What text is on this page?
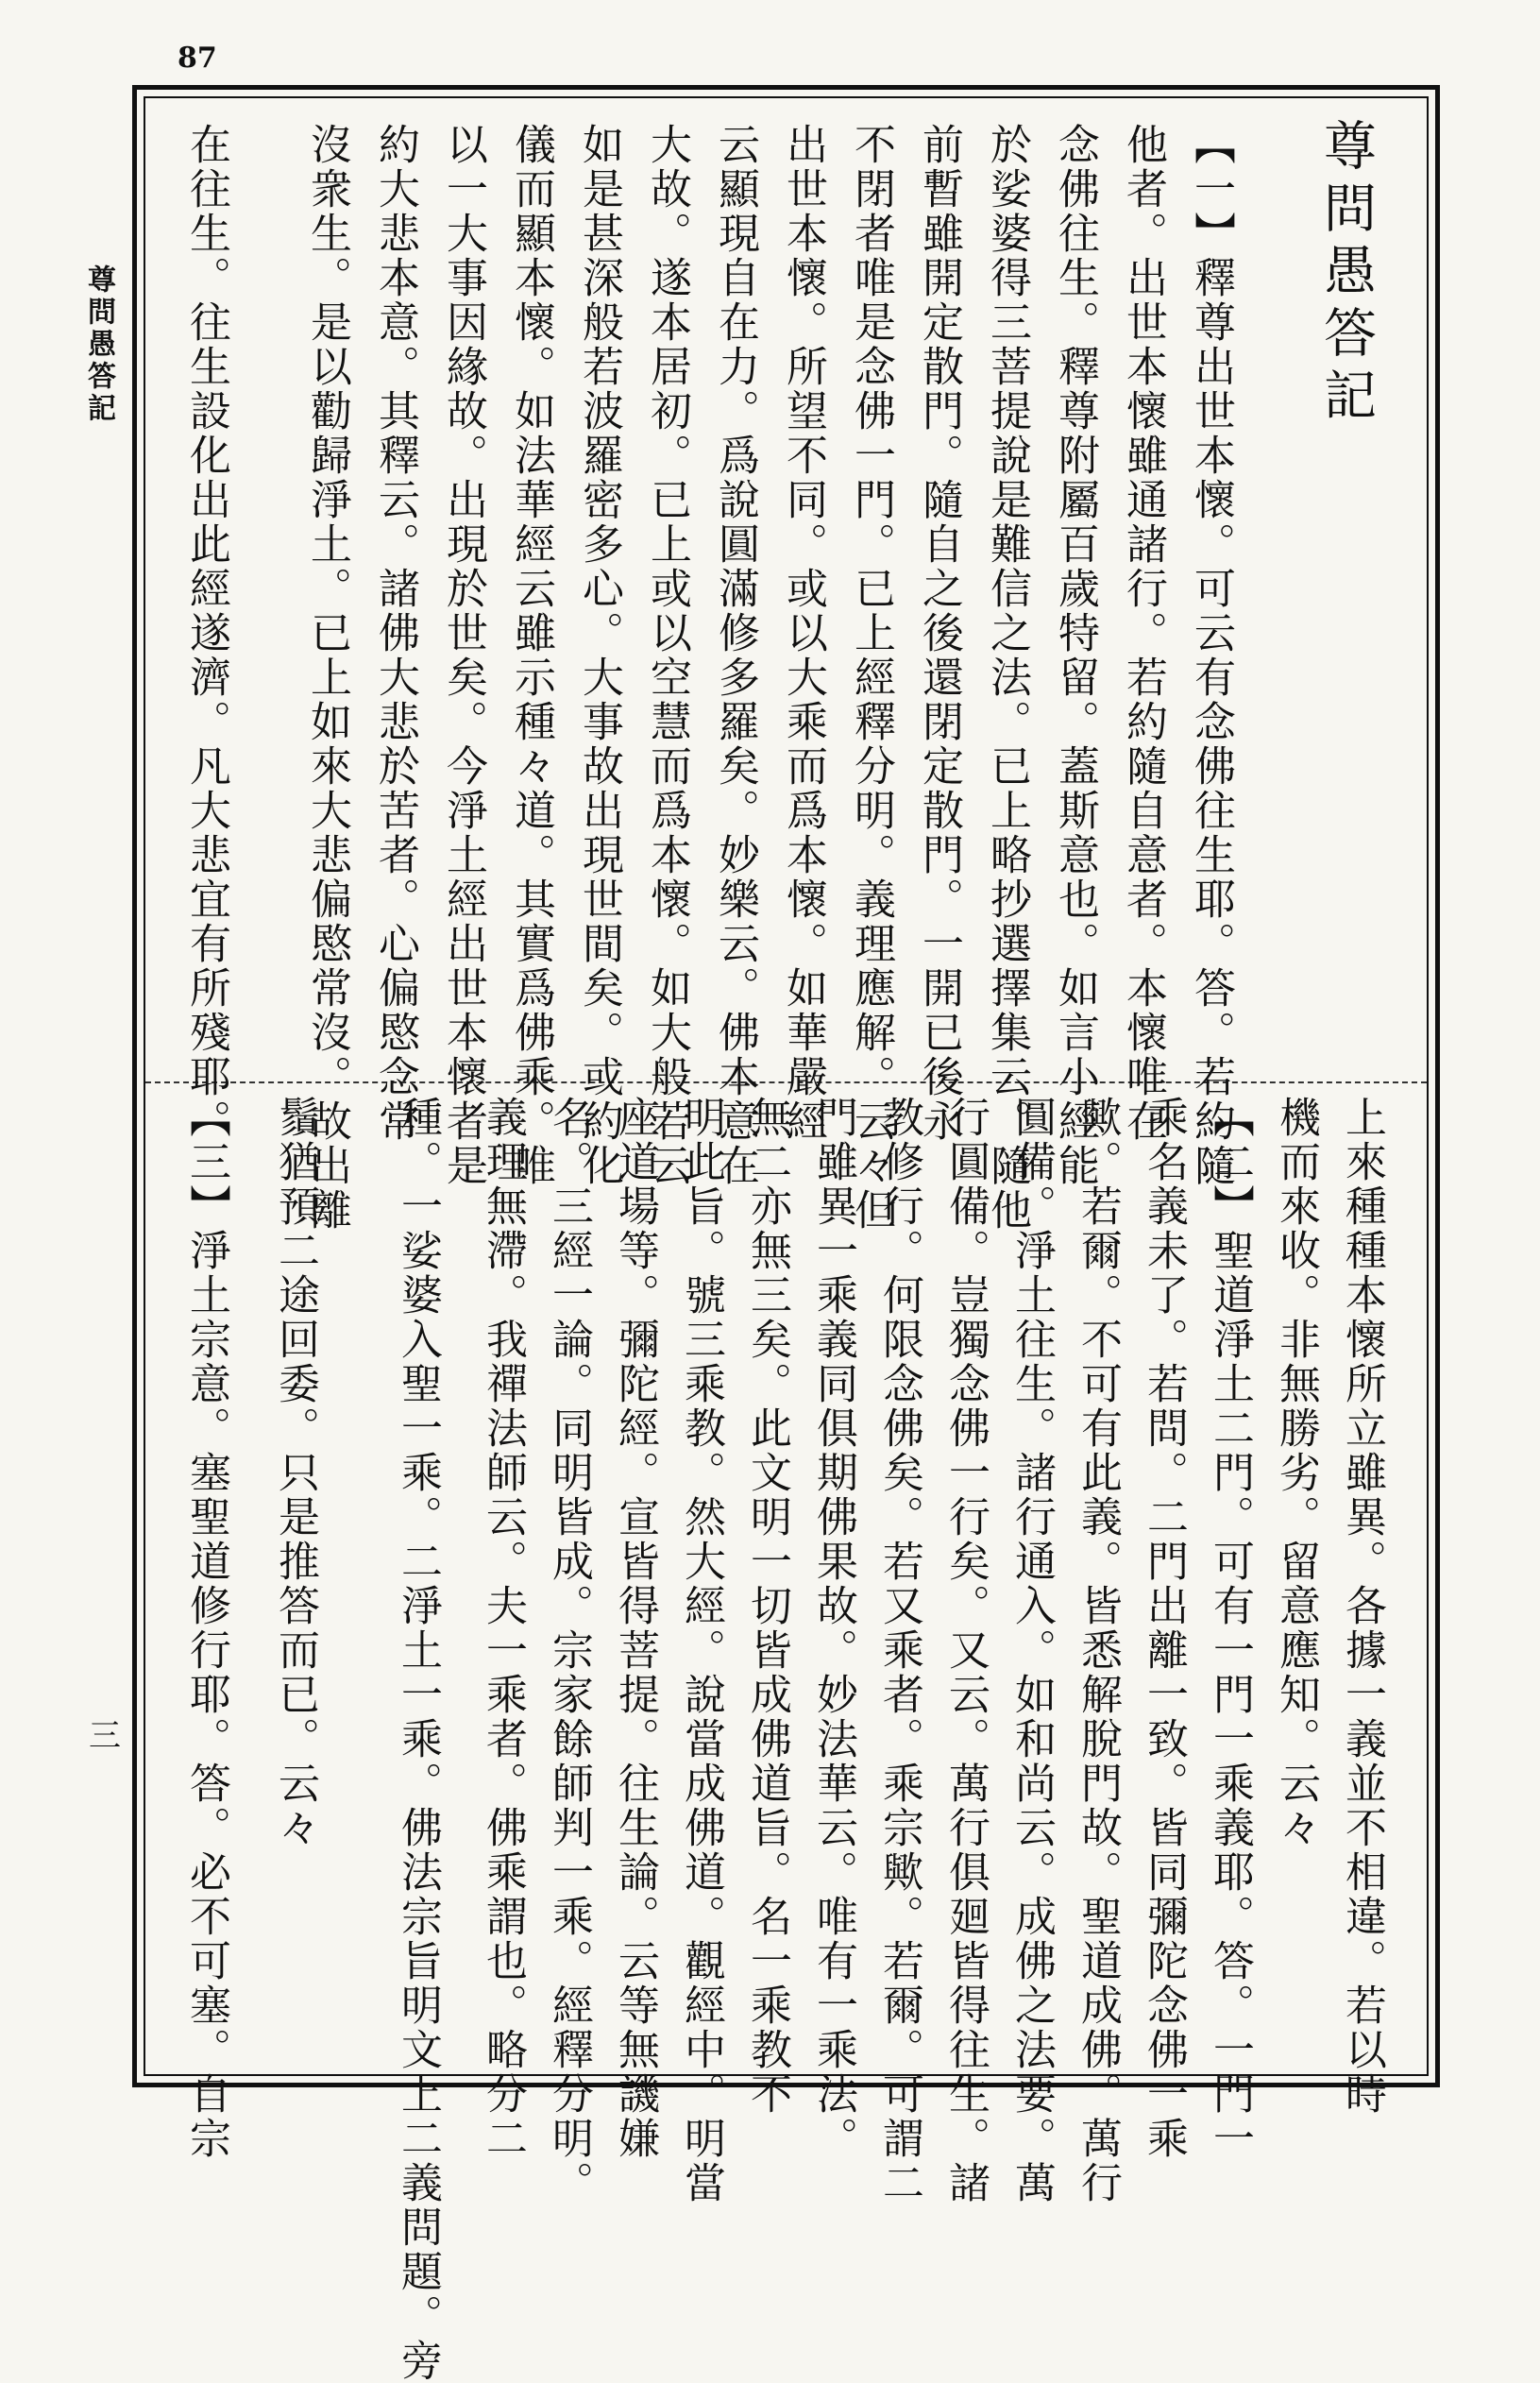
87
尊問愚答記
三
尊問愚答記
【一】釋尊出世本懷。可云有念佛往生耶。答。若約隨
他者。出世本懷雖通諸行。若約隨自意者。本懷唯在
念佛往生。釋尊附屬百歲特留。蓋斯意也。如言小經能
於娑婆得三菩提說是難信之法。已上略抄選擇集云。隨他
前暫雖開定散門。隨自之後還閉定散門。一開已後永
不閉者唯是念佛一門。已上經釋分明。義理應解。云々但
出世本懷。所望不同。或以大乘而爲本懷。如華嚴經
云顯現自在力。爲說圓滿修多羅矣。妙樂云。佛本意在
大故。遂本居初。已上或以空慧而爲本懷。如大般若云
如是甚深般若波羅密多心。大事故出現世間矣。或約化
儀而顯本懷。如法華經云雖示種々道。其實爲佛乘。唯
以一大事因緣故。出現於世矣。今淨土經出世本懷者是
約大悲本意。其釋云。諸佛大悲於苦者。心偏愍念常
沒衆生。是以勸歸淨土。已上如來大悲偏愍常沒。故出離
在往生。往生設化出此經遂濟。凡大悲宜有所殘耶。
上來種種本懷所立雖異。各據一義並不相違。若以時
機而來收。非無勝劣。留意應知。云々
【二】聖道淨土二門。可有一門一乘義耶。答。一門一
乘名義未了。若問。二門出離一致。皆同彌陀念佛一乘
歟。若爾。不可有此義。皆悉解脫門故。聖道成佛。萬行
圓備。淨土往生。諸行通入。如和尚云。成佛之法要。萬
行圓備。豈獨念佛一行矣。又云。萬行俱廻皆得往生。諸
教修行。何限念佛矣。若又乘者。乘宗歟。若爾。可謂二
門雖異一乘義同俱期佛果故。妙法華云。唯有一乘法。
無二亦無三矣。此文明一切皆成佛道旨。名一乘教不
明此旨。號三乘教。然大經。說當成佛道。觀經中。明當
座道場等。彌陀經。宣皆得菩提。往生論。云等無譏嫌
名。三經一論。同明皆成。宗家餘師判一乘。經釋分明。
義理無滯。我禪法師云。夫一乘者。佛乘謂也。略分二
種。一娑婆入聖一乘。二淨土一乘。佛法宗旨明文上二義問題。旁
鬚猶預二途回委。只是推答而已。云々
【三】淨土宗意。塞聖道修行耶。答。必不可塞。自宗
